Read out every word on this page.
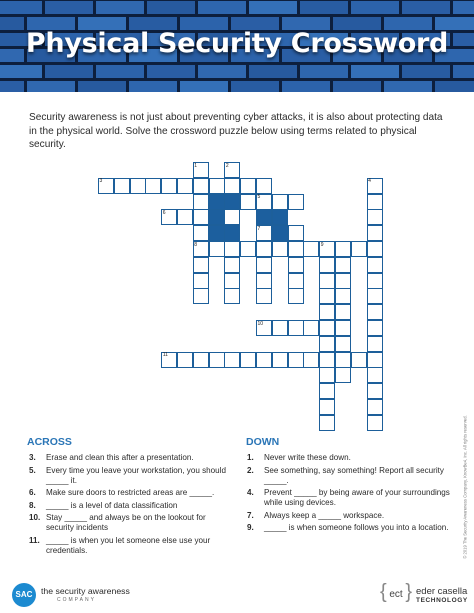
Physical Security Crossword
Security awareness is not just about preventing cyber attacks, it is also about protecting data in the physical world. Solve the crossword puzzle below using terms related to physical security.
1	2
3	4
5
6
7
8	9
10
11
ACROSS
3. Erase and clean this after a presentation.
5. Every time you leave your workstation, you should _____ it.
6. Make sure doors to restricted areas are _____.
8. _____ is a level of data classification
10. Stay _____ and always be on the lookout for security incidents
11. _____ is when you let someone else use your credentials.
DOWN
1. Never write these down.
2. See something, say something! Report all security _____.
4. Prevent _____ by being aware of your surroundings while using devices.
7. Always keep a _____ workspace.
9. _____ is when someone follows you into a location.	© 2019 The Security Awareness Company, KnowBe4, Inc. All rights reserved.
SAC the security awareness
COMPANY	{ ect }	eder casella
TECHNOLOGY
